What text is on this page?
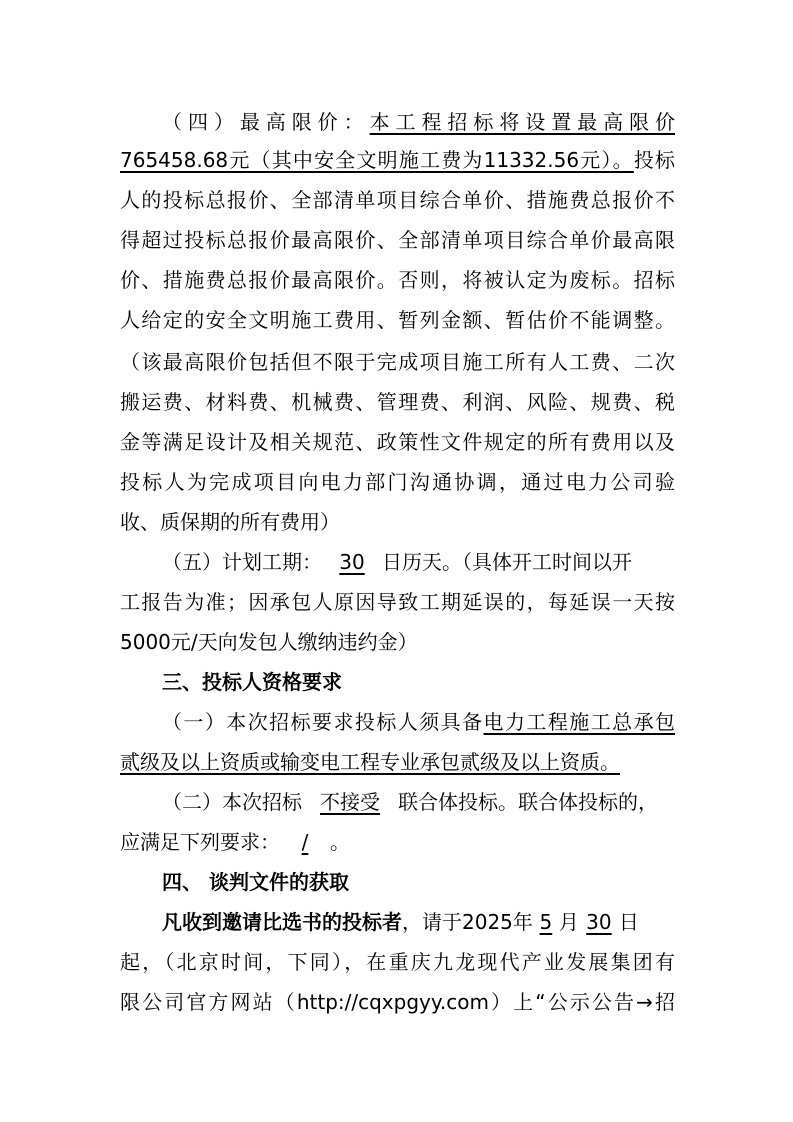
（四）最高限价：本工程招标将设置最高限价
765458.68元（其中安全文明施工费为11332.56元）。投标
人的投标总报价、全部清单项目综合单价、措施费总报价不
得超过投标总报价最高限价、全部清单项目综合单价最高限
价、措施费总报价最高限价。否则，将被认定为废标。招标
人给定的安全文明施工费用、暂列金额、暂估价不能调整。
（该最高限价包括但不限于完成项目施工所有人工费、二次
搬运费、材料费、机械费、管理费、利润、风险、规费、税
金等满足设计及相关规范、政策性文件规定的所有费用以及
投标人为完成项目向电力部门沟通协调，通过电力公司验
收、质保期的所有费用）
（五）计划工期： 30 日历天。（具体开工时间以开
工报告为准；因承包人原因导致工期延误的，每延误一天按
5000元/天向发包人缴纳违约金）
三、投标人资格要求
（一）本次招标要求投标人须具备电力工程施工总承包
贰级及以上资质或输变电工程专业承包贰级及以上资质。
（二）本次招标 不接受 联合体投标。联合体投标的，
应满足下列要求： / 。
四、 谈判文件的获取
凡收到邀请比选书的投标者，请于2025年 5 月 30 日
起，（北京时间，下同），在重庆九龙现代产业发展集团有
限公司官方网站（http://cqxpgyy.com）上“公示公告→招
